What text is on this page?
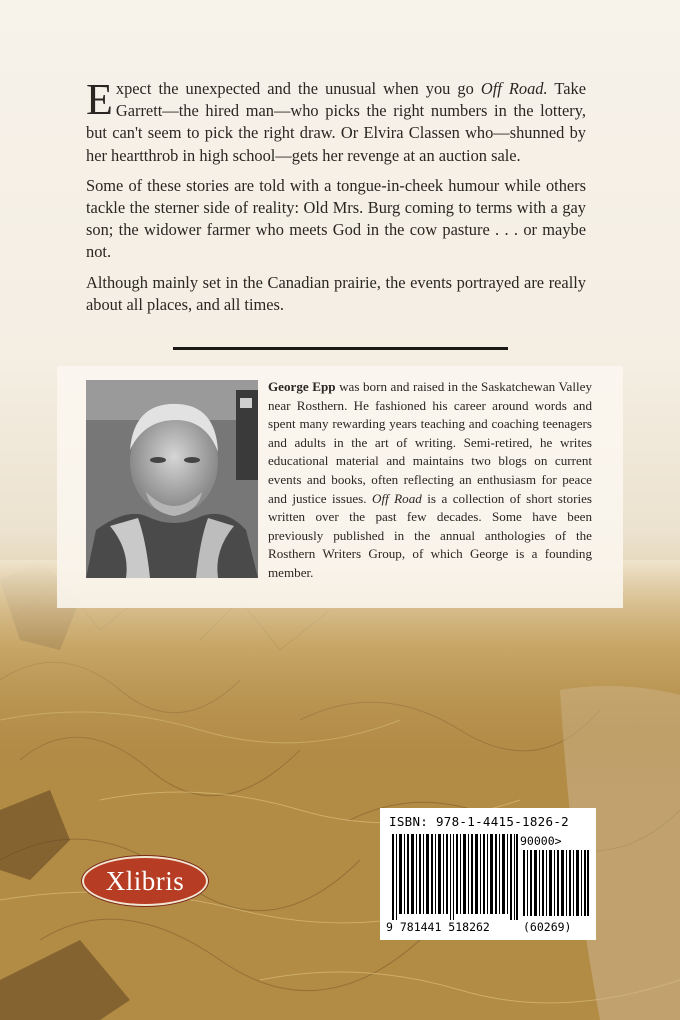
Expect the unexpected and the unusual when you go Off Road. Take Garrett—the hired man—who picks the right numbers in the lottery, but can't seem to pick the right draw. Or Elvira Classen who—shunned by her heartthrob in high school—gets her revenge at an auction sale.

Some of these stories are told with a tongue-in-cheek humour while others tackle the sterner side of reality: Old Mrs. Burg coming to terms with a gay son; the widower farmer who meets God in the cow pasture . . . or maybe not.

Although mainly set in the Canadian prairie, the events portrayed are really about all places, and all times.

George Epp was born and raised in the Saskatchewan Valley near Rosthern. He fashioned his career around words and spent many rewarding years teaching and coaching teenagers and adults in the art of writing. Semi-retired, he writes educational material and maintains two blogs on current events and books, often reflecting an enthusiasm for peace and justice issues. Off Road is a collection of short stories written over the past few decades. Some have been previously published in the annual anthologies of the Rosthern Writers Group, of which George is a founding member.
Xlibris
ISBN: 978-1-4415-1826-2
90000>
9 781441 518262	(60269)
